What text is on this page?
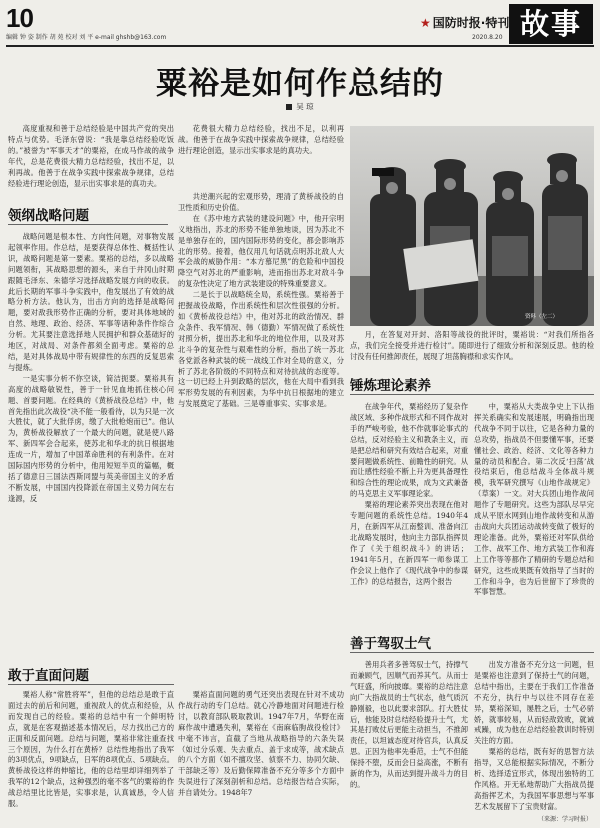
10
编辑 钟 姿 制作 胡 苑 校对 刘 平 e-mail ghshb@163.com
★ 国防时报·特刊
2020.8.20 故事
粟裕是如何作总结的
吴 琼
资料（左二）

高度重视和善于总结经验是中国共产党的突出特点与优势。毛泽东曾说：“我是靠总结经验吃饭的。”被誉为“军事天才”的粟裕，在成马作战的战争年代，总是花费很大精力总结经验，找出不足，以利再战。他善于在战争实践中探索战争规律，总结经验进行理论创造，显示出实事求是的真功夫。

花费很大精力总结经验，找出不足，以利再战。他善于在战争实践中探索战争规律，总结经验进行理论创造，显示出实事求是的真功夫。

领纲战略问题

战略问题是根本性、方向性问题，对事物发展起领率作用。作总结，是要获得总体性、概括性认识，战略问题是第一要素。粟裕的总结，多以战略问题领衔，其战略思想的源头，来自于井冈山时期跟随毛泽东、朱德学习选择战略发展方向的收获。此后长期的军事斗争实践中，他发展出了有效的战略分析方法。他认为，出击方向的选择是战略问题，要对敌我形势作正确的分析，要对具体地域的自然、地理、政治、经济、军事等诸种条件作综合分析。尤其要注意选择地人民拥护和群众基础好的地区，对战局、对条件都须全面考虑。粟裕的总结，是对具体战局中带有规律性的东西的反复思索与提炼。

一是实事分析不你空谈，简洁扼要。粟裕具有高度的战略敏锐性，善于一针见血地抓住核心问题、首要问题。在经典的《黄桥战役总结》中，他首先指出此次战役“决不能一般看待，以为只是一次大胜仗，就了大批俘虏，缴了大批枪炮而已”。他认为，黄桥战役解放了一个最大的问题，就是使八路军、新四军会合起来，使苏北和华北的抗日根据地连成一片，增加了中国革命胜利的有利条件。在对国际国内形势的分析中，他用短短半页的篇幅，概括了德意日三国法西斯同盟与英美帝国主义的矛盾不断发展，中国国内投降派在帝国主义势力间左右逢源，反

共逆潮兴起的宏观形势，理清了黄桥战役的自卫性质和历史价值。

在《苏中地方武装的建设问题》中，他开宗明义地指出，苏北的形势不能单独地谈，因为苏北不是单独存在的，国内国际形势的变化，都会影响苏北的形势。接着，他仅用几句话就点明苏北敌人大军会战的威胁作用：“本方慕尼黑”的危险和中国投降空气对苏北的严重影响，进而指出苏北对敌斗争的复杂性决定了地方武装建设的特殊重要意义。

二是长于以战略统全局，系统性强。粟裕善于把握战役战略，作出系统性和层次性很强的分析。如《黄桥战役总结》中，他对苏北的政治情况、群众条件、我军情况、韩（德勤）军情况做了系统性对照分析，提出苏北和华北的地位作用，以及对苏北斗争的复杂性与艰难性的分析，指出了统一苏北各党派各种武装的统一战线工作对全局的意义，分析了苏北各阶级的不同特点和对待抗战的态度等。这一切已经上升到政略的层次，他在大局中看到我军形势发展的有利因素，为华中抗日根据地的建立与发展奠定了基础。三是尊重事实、实事求是。

月，在答复对开封、洛阳等战役的批评时，粟裕说：“对我们所指各点，我们完全接受并进行检讨”。随即进行了细致分析和深刻反思。他的检讨没有任何推卸责任，展现了坦荡胸襟和求实作风。

锤炼理论素养

在战争年代，粟裕经历了复杂作战区域、多种作战形式和不同作战对手的严峻考验，他不作就事论事式的总结，反对经验主义和教条主义，而是把总结和研究有效结合起来，对重要问题做系统性、前瞻性的研究。从而让感性经验不断上升为更具备理性和综合性的理论成果，成为文武兼备的马克思主义军事理论家。

粟裕的理论素养突出表现在他对专题问题的系统性总结。1940年4月，在新四军从江南整训、准备向江北战略发展时，他向主力部队指挥员作了《关于组织战斗》的讲话；1941年5月，在新四军一师参谋工作会议上他作了《现代战争中的参谋工作》的总结报告，这两个报告

中，粟裕从大类战争史上下认指挥关系确实和发展速展，明确指出现代战争不同于以往，它是各种力量的总攻势，指战员不但要懂军事，还要懂社会、政治、经济、文化等各种力量的动员和配合。第二次反‘扫荡’战役结束后，他总结战斗全体战斗规模，我军研究撰写《山地作战规定》（草案）一文。对大兵团山地作战问题作了专题研究。这些为部队尽早完成从平原水网到山地作战转变和从游击战向大兵团运动战转变做了极好的理论准备。此外，粟裕还对军队供给工作、战军工作、地方武装工作和海上工作等等都作了精研的专题总结和研究，这些成果既有效指导了当时的工作和斗争，也为后世留下了珍贵的军事智慧。

敢于直面问题

粟裕人称“常胜将军”，但他的总结总是敢于直面过去的前后和问题，重视敌人的优点和经验，从而发现自己的经验。粟裕的总结中有一个鲜明特点，就是在客观描述基本情况后，尽力找出己方的正面和反面问题。总结与问题，粟裕非常注重查找三个原因，为什么打在黄桥？总结性地指出了我军的3项优点，9项缺点，日军的8项优点、5项缺点。黄桥战役这样的伸缩比，他的总结里却详细列举了我军的12个缺点，这种强烈的毫不客气的粟裕的作战总结里比比皆是，实事求是，认真诚恳，令人信服。

粟裕直面问题的勇气还突出表现在针对不成功作战行动的专门总结。就心冷静地面对问题进行检讨，以教育部队吸取教训。1947年7月，华野在南麻作战中遭遇失利，粟裕在《南麻临朐战役检讨》中毫不讳言，直截了当地从战略指导的六条失误（如过分乐观、失去重点、盖于求成等，战术缺点的八个方面（如不擅攻坚、侦察不力、协同欠缺、干部缺乏等）及后勤保障准备不充分等多个方面中失误进行了深刻剖析和总结。总结报告结合实际，并自请处分。1948年7

善于驾驭士气

善用兵者多善驾驭士气，持撑气而兼顾气，因顺气而养其气。从而士气旺盛，所向披靡。粟裕的总结注意向广大指战员的士气状态，他气质沉静刚毅，也以此要求部队。打大胜仗后，他能及时总结经验提升士气，尤其是打败仗后更能主动担当，不推卸责任，以坦诚态度对待官兵，认真反思。正因为他率先垂范，士气不但能保持不堕，反而会日益高涨，不断有新的作为，从而达到提升战斗力的目的。

出发方准备不充分这一问题，但是粟裕也注意到了保持士气的问题，总结中指出，主要在于我们工作准备不充分，执行中与以往不同存在差异，粟裕深知，屡胜之后，士气必骄娇，就事较易，从而轻敌致败，就诫戒躁，成为他在总结经验教训时特别关注的方面。

粟裕的总结，既有好的思智方法指导，又总能根据实际情况，不断分析、选择适宜形式，体现出独特的工作风格。开无私地帮助广大指战员提高指挥艺术，为我国军事思想与军事艺术发展留下了宝贵财富。

（来源：学习时报）
